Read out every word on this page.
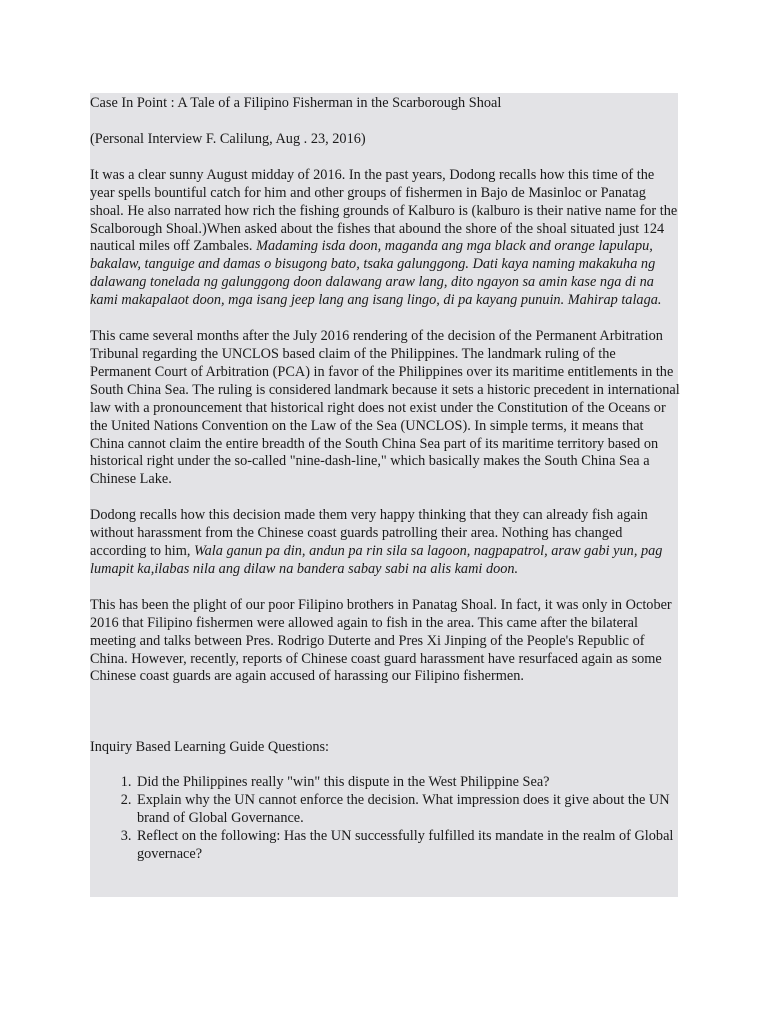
Case In Point : A Tale of a Filipino Fisherman in the Scarborough Shoal

(Personal Interview F. Calilung, Aug . 23, 2016)

It was a clear sunny August midday of 2016. In the past years, Dodong recalls how this time of the year spells bountiful catch for him and other groups of fishermen in Bajo de Masinloc or Panatag shoal. He also narrated how rich the fishing grounds of Kalburo is (kalburo is their native name for the Scalborough Shoal.)When asked about the fishes that abound the shore of the shoal situated just 124 nautical miles off Zambales. Madaming isda doon, maganda ang mga black and orange lapulapu, bakalaw, tanguige and damas o bisugong bato, tsaka galunggong. Dati kaya naming makakuha ng dalawang tonelada ng galunggong doon dalawang araw lang, dito ngayon sa amin kase nga di na kami makapalaot doon, mga isang jeep lang ang isang lingo, di pa kayang punuin. Mahirap talaga.

This came several months after the July 2016 rendering of the decision of the Permanent Arbitration Tribunal regarding the UNCLOS based claim of the Philippines. The landmark ruling of the Permanent Court of Arbitration (PCA) in favor of the Philippines over its maritime entitlements in the South China Sea. The ruling is considered landmark because it sets a historic precedent in international law with a pronouncement that historical right does not exist under the Constitution of the Oceans or the United Nations Convention on the Law of the Sea (UNCLOS). In simple terms, it means that China cannot claim the entire breadth of the South China Sea part of its maritime territory based on historical right under the so-called "nine-dash-line," which basically makes the South China Sea a Chinese Lake.

Dodong recalls how this decision made them very happy thinking that they can already fish again without harassment from the Chinese coast guards patrolling their area. Nothing has changed according to him, Wala ganun pa din, andun pa rin sila sa lagoon, nagpapatrol, araw gabi yun, pag lumapit ka,ilabas nila ang dilaw na bandera sabay sabi na alis kami doon.

This has been the plight of our poor Filipino brothers in Panatag Shoal. In fact, it was only in October 2016 that Filipino fishermen were allowed again to fish in the area. This came after the bilateral meeting and talks between Pres. Rodrigo Duterte and Pres Xi Jinping of the People's Republic of China. However, recently, reports of Chinese coast guard harassment have resurfaced again as some Chinese coast guards are again accused of harassing our Filipino fishermen.

Inquiry Based Learning Guide Questions:

1. Did the Philippines really "win" this dispute in the West Philippine Sea?
2. Explain why the UN cannot enforce the decision. What impression does it give about the UN brand of Global Governance.
3. Reflect on the following: Has the UN successfully fulfilled its mandate in the realm of Global governace?
